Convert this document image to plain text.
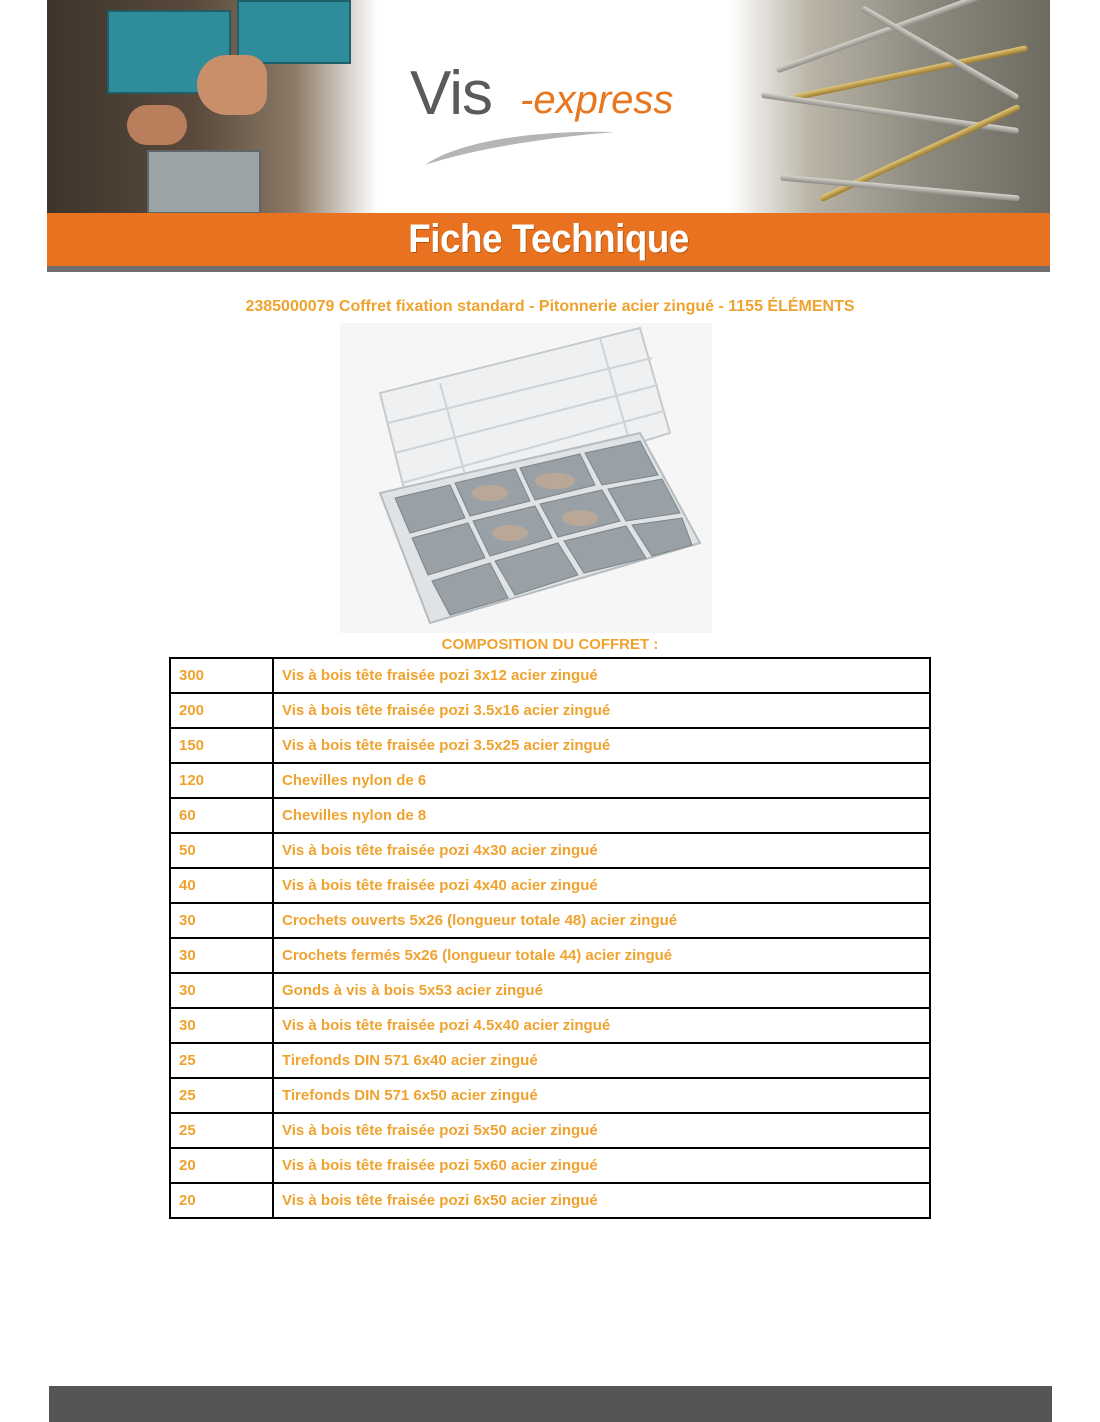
Vis -express
Fiche Technique
2385000079 Coffret fixation standard - Pitonnerie acier zingué - 1155 ÉLÉMENTS
COMPOSITION DU COFFRET :
300	Vis à bois tête fraisée pozi 3x12 acier zingué
200	Vis à bois tête fraisée pozi 3.5x16 acier zingué
150	Vis à bois tête fraisée pozi 3.5x25 acier zingué
120	Chevilles nylon de 6
60	Chevilles nylon de 8
50	Vis à bois tête fraisée pozi 4x30 acier zingué
40	Vis à bois tête fraisée pozi 4x40 acier zingué
30	Crochets ouverts 5x26 (longueur totale 48) acier zingué
30	Crochets fermés 5x26 (longueur totale 44) acier zingué
30	Gonds à vis à bois 5x53 acier zingué
30	Vis à bois tête fraisée pozi 4.5x40 acier zingué
25	Tirefonds DIN 571 6x40 acier zingué
25	Tirefonds DIN 571 6x50 acier zingué
25	Vis à bois tête fraisée pozi 5x50 acier zingué
20	Vis à bois tête fraisée pozi 5x60 acier zingué
20	Vis à bois tête fraisée pozi 6x50 acier zingué
